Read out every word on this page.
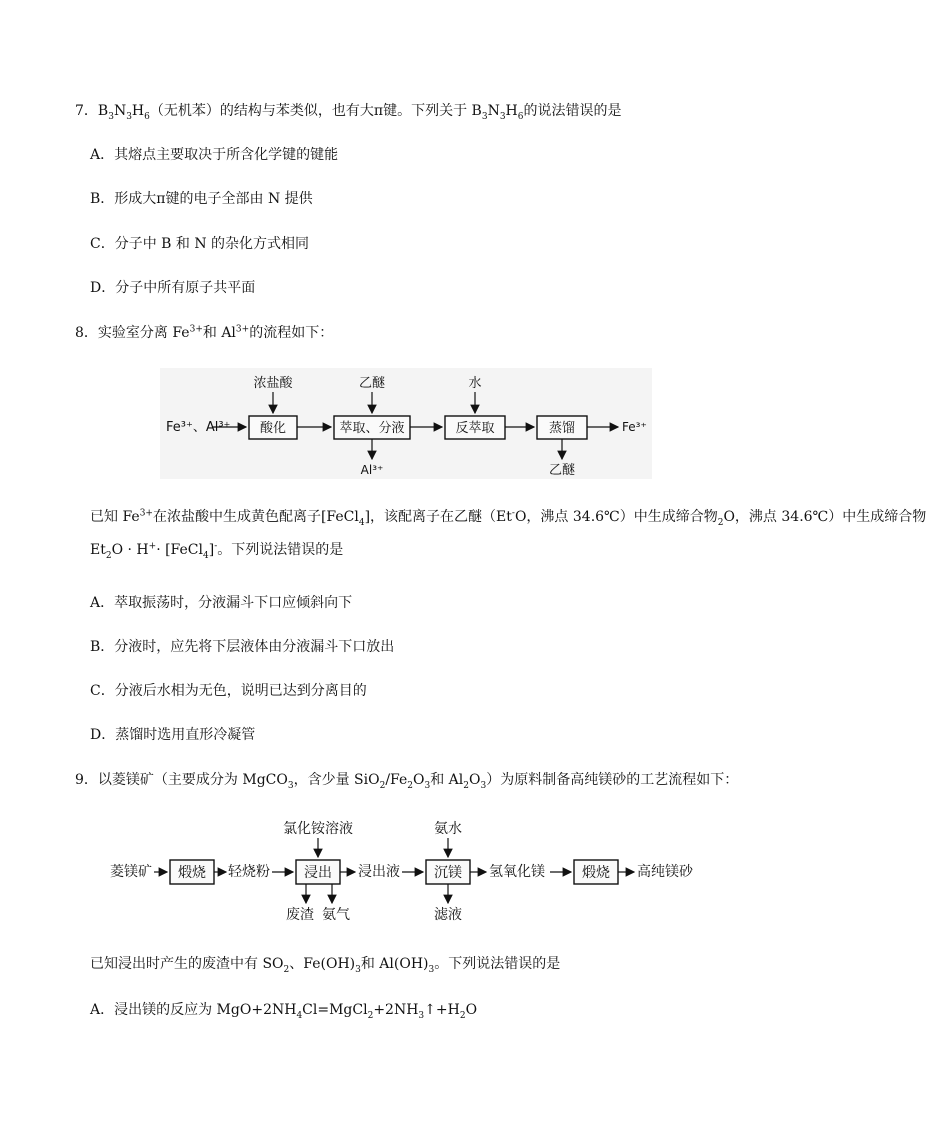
7．$B_3N_3H_6$（无机苯）的结构与苯类似，也有大π键。下列关于 $B_3N_3H_6$的说法错误的是
A．其熔点主要取决于所含化学键的键能
B．形成大π键的电子全部由 N 提供
C．分子中 B 和 N 的杂化方式相同
D．分子中所有原子共平面
8．实验室分离 $Fe^{3+}$和 $Al^{3+}$的流程如下：
Fe³⁺、Al³⁺ 酸化
浓盐酸
萃取、分液
乙醚
Al³⁺
反萃取
水
蒸馏
乙醚
Fe³⁺
已知 $Fe^{3+}$在浓盐酸中生成黄色配离子[FeCl$_4$]，该配离子在乙醚（Et-O，沸点 34.6℃）中生成缔合物$_2$O，沸点 34.6℃）中生成缔合物
$Et_2O \cdot H^+\cdot$ [FeCl$_4$]-。下列说法错误的是
A．萃取振荡时，分液漏斗下口应倾斜向下
B．分液时，应先将下层液体由分液漏斗下口放出
C．分液后水相为无色，说明已达到分离目的
D．蒸馏时选用直形冷凝管
9．以菱镁矿（主要成分为 MgCO$_3$，含少量 $SiO_2/Fe_2O_3$和 $Al_2O_3$）为原料制备高纯镁砂的工艺流程如下：
菱镁矿 煅烧 轻烧粉 浸出
氯化铵溶液
废渣 氨气
浸出液 沉镁
氨水
滤液
氢氧化镁	煅烧 高纯镁砂
已知浸出时产生的废渣中有 $SO_2$、$Fe(OH)_3$和 $Al(OH)_3$。下列说法错误的是
A．浸出镁的反应为 $MgO+2NH_4Cl=MgCl_2+2NH_3↑+H_2O$
